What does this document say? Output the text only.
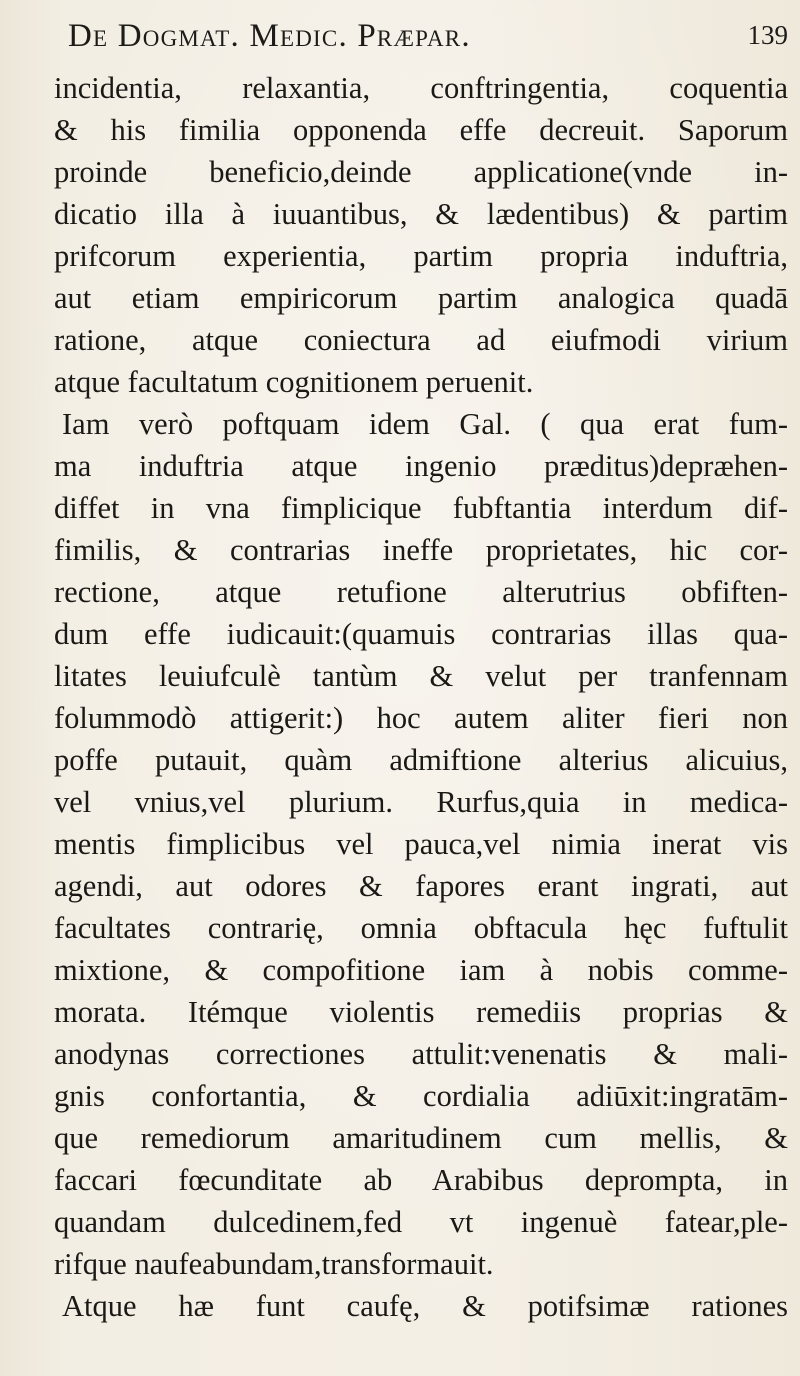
De Dogmat. Medic. Præpar.	139
incidentia, relaxantia, conftringentia, coquentia
& his fimilia opponenda effe decreuit. Saporum
proinde beneficio,deinde applicatione(vnde in-
dicatio illa à iuuantibus, & lædentibus) & partim
prifcorum experientia, partim propria induftria,
aut etiam empiricorum partim analogica quadā
ratione, atque coniectura ad eiufmodi virium
atque facultatum cognitionem peruenit.
Iam verò poftquam idem Gal. ( qua erat fum-
ma induftria atque ingenio præditus)depræhen-
diffet in vna fimplicique fubftantia interdum dif-
fimilis, & contrarias ineffe proprietates, hic cor-
rectione, atque retufione alterutrius obfiften-
dum effe iudicauit:(quamuis contrarias illas qua-
litates leuiufculè tantùm & velut per tranfennam
folummodò attigerit:) hoc autem aliter fieri non
poffe putauit, quàm admiftione alterius alicuius,
vel vnius,vel plurium. Rurfus,quia in medica-
mentis fimplicibus vel pauca,vel nimia inerat vis
agendi, aut odores & fapores erant ingrati, aut
facultates contrarię, omnia obftacula hęc fuftulit
mixtione, & compofitione iam à nobis comme-
morata. Itémque violentis remediis proprias &
anodynas correctiones attulit:venenatis & mali-
gnis confortantia, & cordialia adiūxit:ingratām-
que remediorum amaritudinem cum mellis, &
faccari fœcunditate ab Arabibus deprompta, in
quandam dulcedinem,fed vt ingenuè fatear,ple-
rifque naufeabundam,transformauit.
Atque hæ funt caufę, & potifsimæ rationes
